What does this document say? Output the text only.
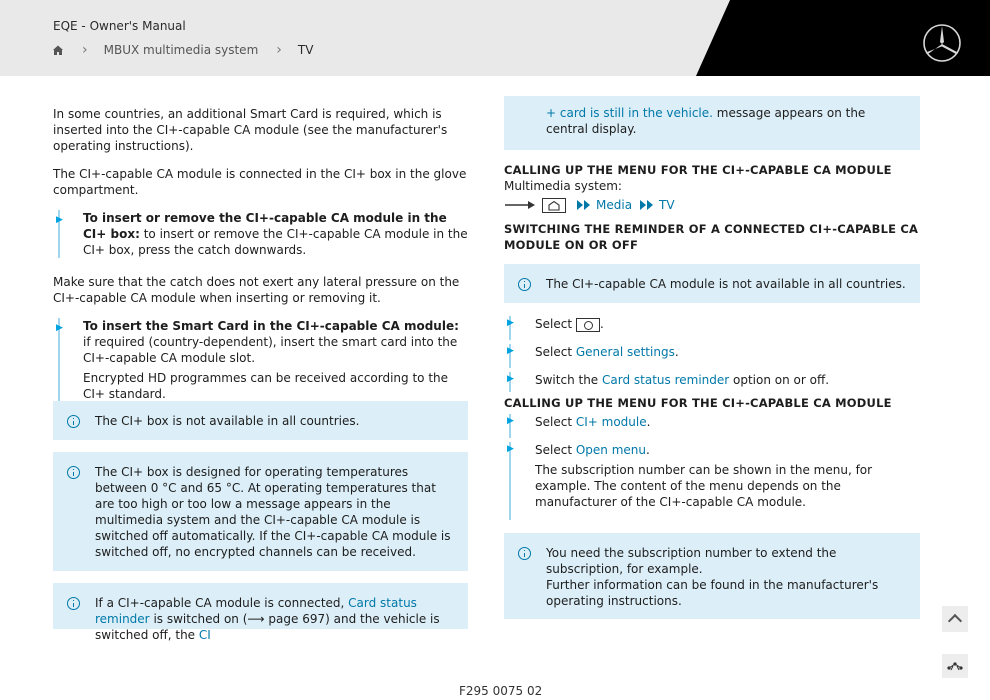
EQE - Owner's Manual
› MBUX multimedia system › TV

In some countries, an additional Smart Card is required, which is inserted into the CI+-capable CA module (see the manufacturer's operating instructions).

The CI+-capable CA module is connected in the CI+ box in the glove compartment.

▶ To insert or remove the CI+-capable CA module in the CI+ box: to insert or remove the CI+-capable CA module in the CI+ box, press the catch downwards.

Make sure that the catch does not exert any lateral pressure on the CI+-capable CA module when inserting or removing it.

▶ To insert the Smart Card in the CI+-capable CA module: if required (country-dependent), insert the smart card into the CI+-capable CA module slot.

Encrypted HD programmes can be received according to the CI+ standard.

The CI+ box is not available in all countries.
The CI+ box is designed for operating temperatures between 0 °C and 65 °C. At operating temperatures that are too high or too low a message appears in the multimedia system and the CI+-capable CA module is switched off automatically. If the CI+-capable CA module is switched off, no encrypted channels can be received.
If a CI+-capable CA module is connected, Card status reminder is switched on (⟶ page 697) and the vehicle is switched off, the CI
+ card is still in the vehicle. message appears on the central display.
CALLING UP THE MENU FOR THE CI+-CAPABLE CA MODULE
Multimedia system:
Media TV
SWITCHING THE REMINDER OF A CONNECTED CI+-CAPABLE CA MODULE ON OR OFF
The CI+-capable CA module is not available in all countries.
▶ Select .
▶ Select General settings.
▶ Switch the Card status reminder option on or off.
CALLING UP THE MENU FOR THE CI+-CAPABLE CA MODULE
▶ Select CI+ module.
▶ Select Open menu.
The subscription number can be shown in the menu, for example. The content of the menu depends on the manufacturer of the CI+-capable CA module.
You need the subscription number to extend the subscription, for example.
Further information can be found in the manufacturer's operating instructions.
F295 0075 02
